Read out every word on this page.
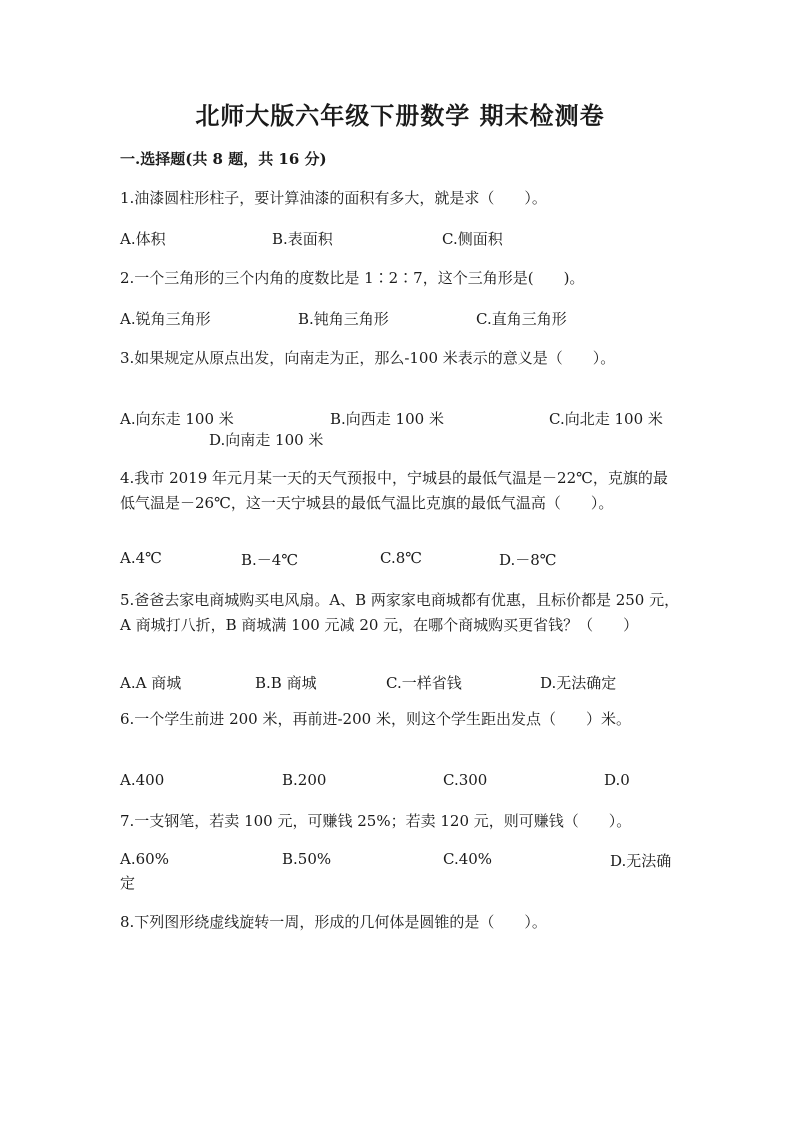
北师大版六年级下册数学 期末检测卷
一.选择题(共 8 题，共 16 分)
1.油漆圆柱形柱子，要计算油漆的面积有多大，就是求（　　）。
A.体积	B.表面积	C.侧面积
2.一个三角形的三个内角的度数比是 1∶2∶7，这个三角形是(　　)。
A.锐角三角形	B.钝角三角形	C.直角三角形
3.如果规定从原点出发，向南走为正，那么-100 米表示的意义是（　　）。
A.向东走 100 米	B.向西走 100 米	C.向北走 100 米
D.向南走 100 米
4.我市 2019 年元月某一天的天气预报中，宁城县的最低气温是－22℃，克旗的最低气温是－26℃，这一天宁城县的最低气温比克旗的最低气温高（　　）。
A.4℃	B.－4℃	C.8℃	D.－8℃
5.爸爸去家电商城购买电风扇。A、B 两家家电商城都有优惠，且标价都是 250 元，A 商城打八折，B 商城满 100 元减 20 元，在哪个商城购买更省钱？（　　）
A.A 商城	B.B 商城	C.一样省钱	D.无法确定
6.一个学生前进 200 米，再前进-200 米，则这个学生距出发点（　　）米。
A.400	B.200	C.300	D.0
7.一支钢笔，若卖 100 元，可赚钱 25%；若卖 120 元，则可赚钱（　　）。
A.60%	B.50%	C.40%	D.无法确定
8.下列图形绕虚线旋转一周，形成的几何体是圆锥的是（　　）。
